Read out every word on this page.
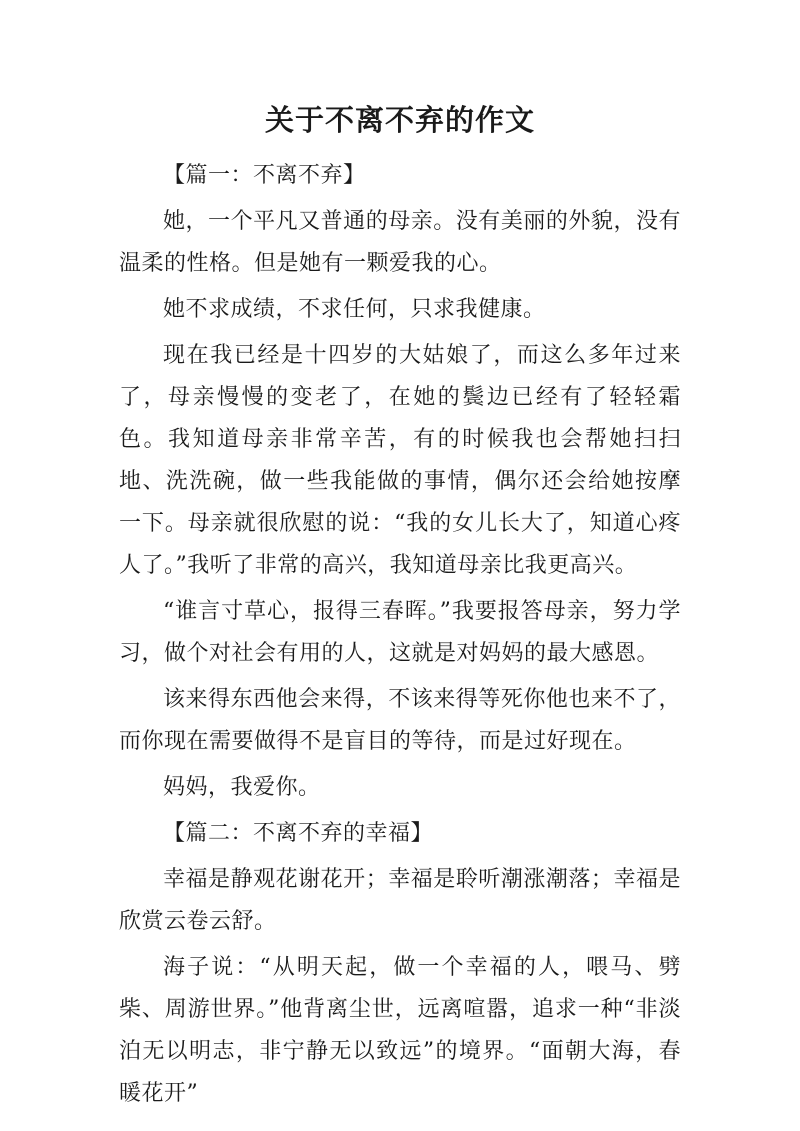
关于不离不弃的作文

【篇一：不离不弃】

她，一个平凡又普通的母亲。没有美丽的外貌，没有温柔的性格。但是她有一颗爱我的心。

她不求成绩，不求任何，只求我健康。

现在我已经是十四岁的大姑娘了，而这么多年过来了，母亲慢慢的变老了，在她的鬓边已经有了轻轻霜色。我知道母亲非常辛苦，有的时候我也会帮她扫扫地、洗洗碗，做一些我能做的事情，偶尔还会给她按摩一下。母亲就很欣慰的说：“我的女儿长大了，知道心疼人了。”我听了非常的高兴，我知道母亲比我更高兴。

“谁言寸草心，报得三春晖。”我要报答母亲，努力学习，做个对社会有用的人，这就是对妈妈的最大感恩。

该来得东西他会来得，不该来得等死你他也来不了，而你现在需要做得不是盲目的等待，而是过好现在。

妈妈，我爱你。

【篇二：不离不弃的幸福】

幸福是静观花谢花开；幸福是聆听潮涨潮落；幸福是欣赏云卷云舒。

海子说：“从明天起，做一个幸福的人，喂马、劈柴、周游世界。”他背离尘世，远离喧嚣，追求一种“非淡泊无以明志，非宁静无以致远”的境界。“面朝大海，春暖花开”
